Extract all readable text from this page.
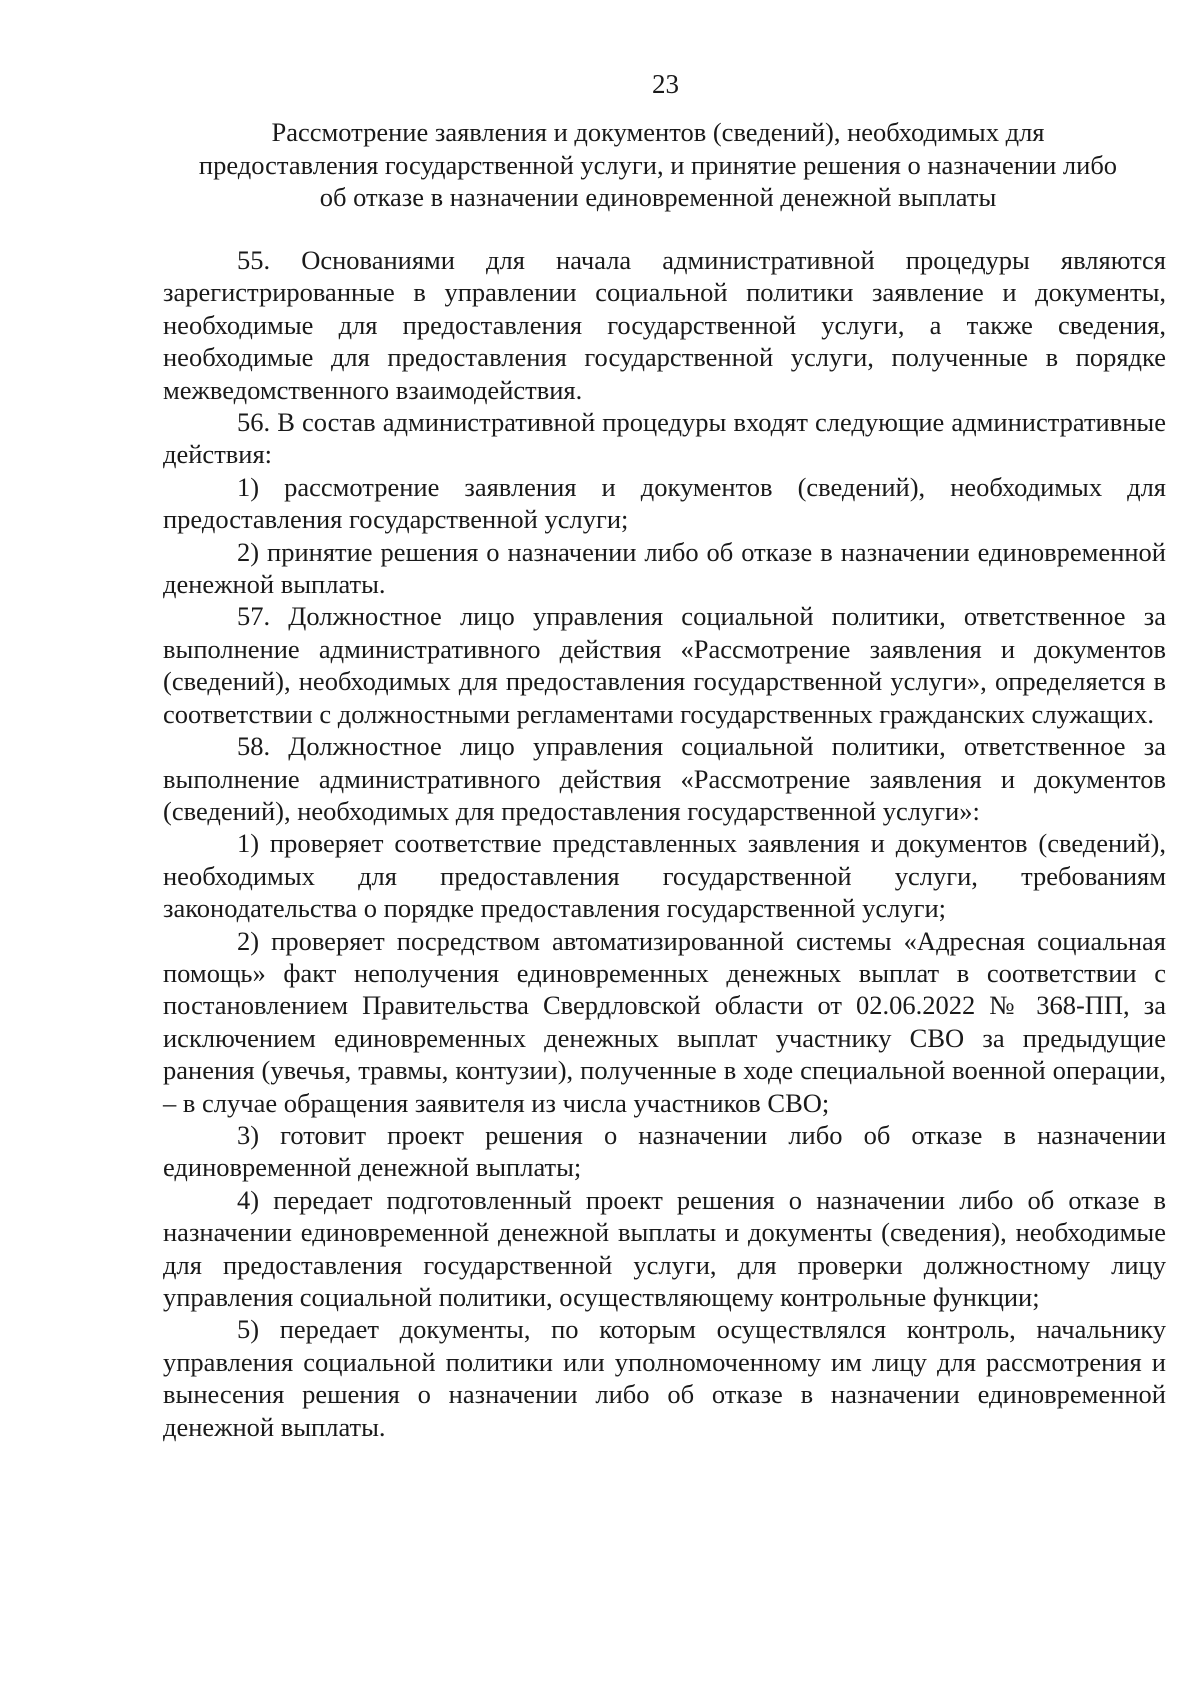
23
Рассмотрение заявления и документов (сведений), необходимых для
предоставления государственной услуги, и принятие решения о назначении либо
об отказе в назначении единовременной денежной выплаты

55. Основаниями для начала административной процедуры являются зарегистрированные в управлении социальной политики заявление и документы, необходимые для предоставления государственной услуги, а также сведения, необходимые для предоставления государственной услуги, полученные в порядке межведомственного взаимодействия.

56. В состав административной процедуры входят следующие административные действия:

1) рассмотрение заявления и документов (сведений), необходимых для предоставления государственной услуги;

2) принятие решения о назначении либо об отказе в назначении единовременной денежной выплаты.

57. Должностное лицо управления социальной политики, ответственное за выполнение административного действия «Рассмотрение заявления и документов (сведений), необходимых для предоставления государственной услуги», определяется в соответствии с должностными регламентами государственных гражданских служащих.

58. Должностное лицо управления социальной политики, ответственное за выполнение административного действия «Рассмотрение заявления и документов (сведений), необходимых для предоставления государственной услуги»:

1) проверяет соответствие представленных заявления и документов (сведений), необходимых для предоставления государственной услуги, требованиям законодательства о порядке предоставления государственной услуги;

2) проверяет посредством автоматизированной системы «Адресная социальная помощь» факт неполучения единовременных денежных выплат в соответствии с постановлением Правительства Свердловской области от 02.06.2022 № 368-ПП, за исключением единовременных денежных выплат участнику СВО за предыдущие ранения (увечья, травмы, контузии), полученные в ходе специальной военной операции, – в случае обращения заявителя из числа участников СВО;

3) готовит проект решения о назначении либо об отказе в назначении единовременной денежной выплаты;

4) передает подготовленный проект решения о назначении либо об отказе в назначении единовременной денежной выплаты и документы (сведения), необходимые для предоставления государственной услуги, для проверки должностному лицу управления социальной политики, осуществляющему контрольные функции;

5) передает документы, по которым осуществлялся контроль, начальнику управления социальной политики или уполномоченному им лицу для рассмотрения и вынесения решения о назначении либо об отказе в назначении единовременной денежной выплаты.
